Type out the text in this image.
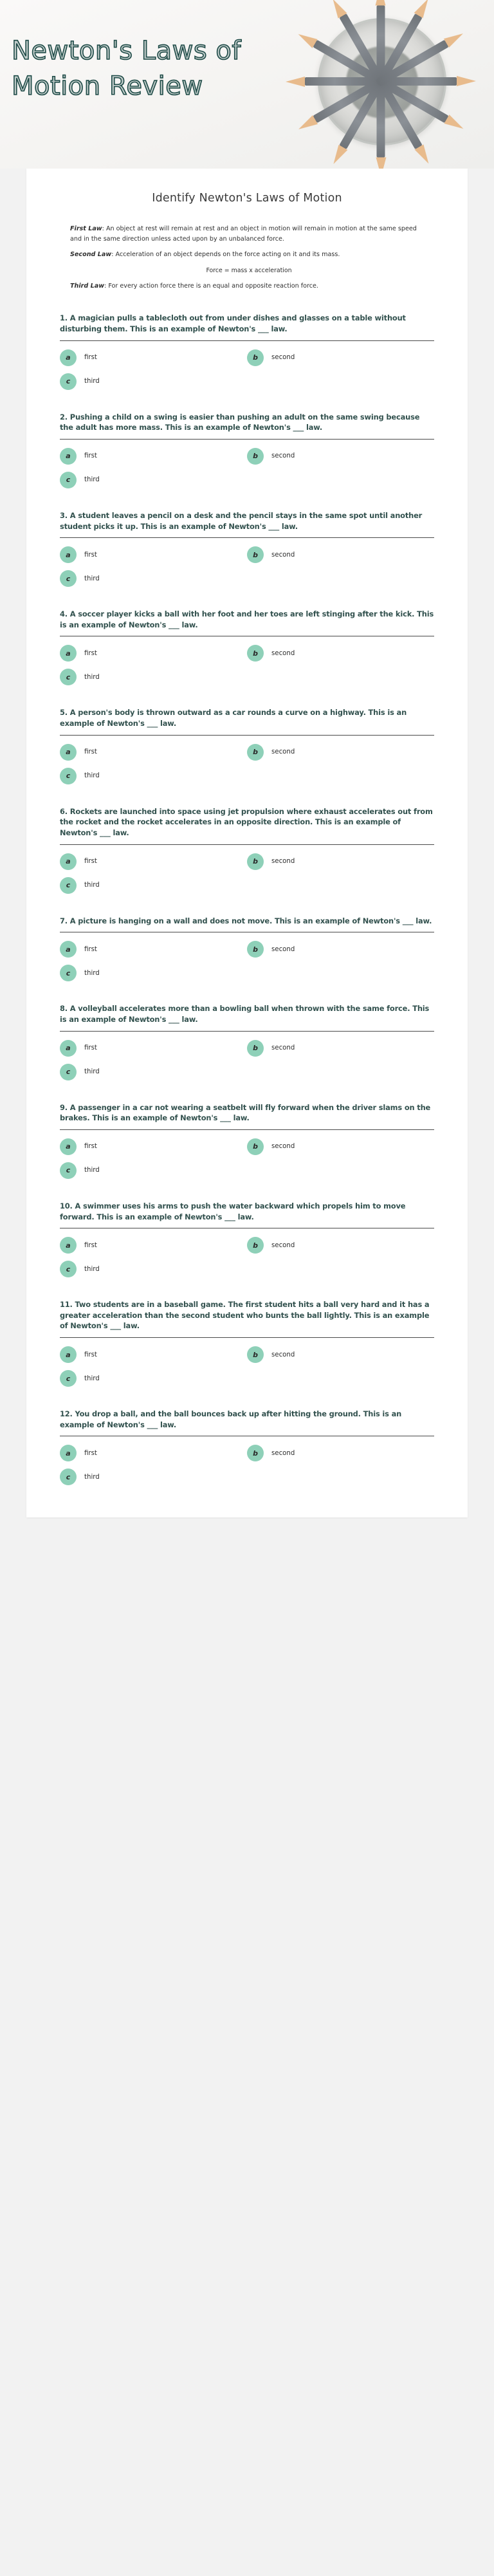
Newton's Laws of
Motion Review
Identify Newton's Laws of Motion

First Law: An object at rest will remain at rest and an object in motion will remain in motion at the same speed and in the same direction unless acted upon by an unbalanced force.

Second Law: Acceleration of an object depends on the force acting on it and its mass.

Force = mass x acceleration

Third Law: For every action force there is an equal and opposite reaction force.

1. A magician pulls a tablecloth out from under dishes and glasses on a table without disturbing them. This is an example of Newton's ___ law.

a	first	b	second
c	third

2. Pushing a child on a swing is easier than pushing an adult on the same swing because the adult has more mass. This is an example of Newton's ___ law.

a	first	b	second
c	third

3. A student leaves a pencil on a desk and the pencil stays in the same spot until another student picks it up. This is an example of Newton's ___ law.

a	first	b	second
c	third

4. A soccer player kicks a ball with her foot and her toes are left stinging after the kick. This is an example of Newton's ___ law.

a	first	b	second
c	third

5. A person's body is thrown outward as a car rounds a curve on a highway. This is an example of Newton's ___ law.

a	first	b	second
c	third

6. Rockets are launched into space using jet propulsion where exhaust accelerates out from the rocket and the rocket accelerates in an opposite direction. This is an example of Newton's ___ law.

a	first	b	second
c	third

7. A picture is hanging on a wall and does not move. This is an example of Newton's ___ law.

a	first	b	second
c	third

8. A volleyball accelerates more than a bowling ball when thrown with the same force. This is an example of Newton's ___ law.

a	first	b	second
c	third

9. A passenger in a car not wearing a seatbelt will fly forward when the driver slams on the brakes. This is an example of Newton's ___ law.

a	first	b	second
c	third

10. A swimmer uses his arms to push the water backward which propels him to move forward. This is an example of Newton's ___ law.

a	first	b	second
c	third

11. Two students are in a baseball game. The first student hits a ball very hard and it has a greater acceleration than the second student who bunts the ball lightly. This is an example of Newton's ___ law.

a	first	b	second
c	third

12. You drop a ball, and the ball bounces back up after hitting the ground. This is an example of Newton's ___ law.

a	first	b	second
c	third
